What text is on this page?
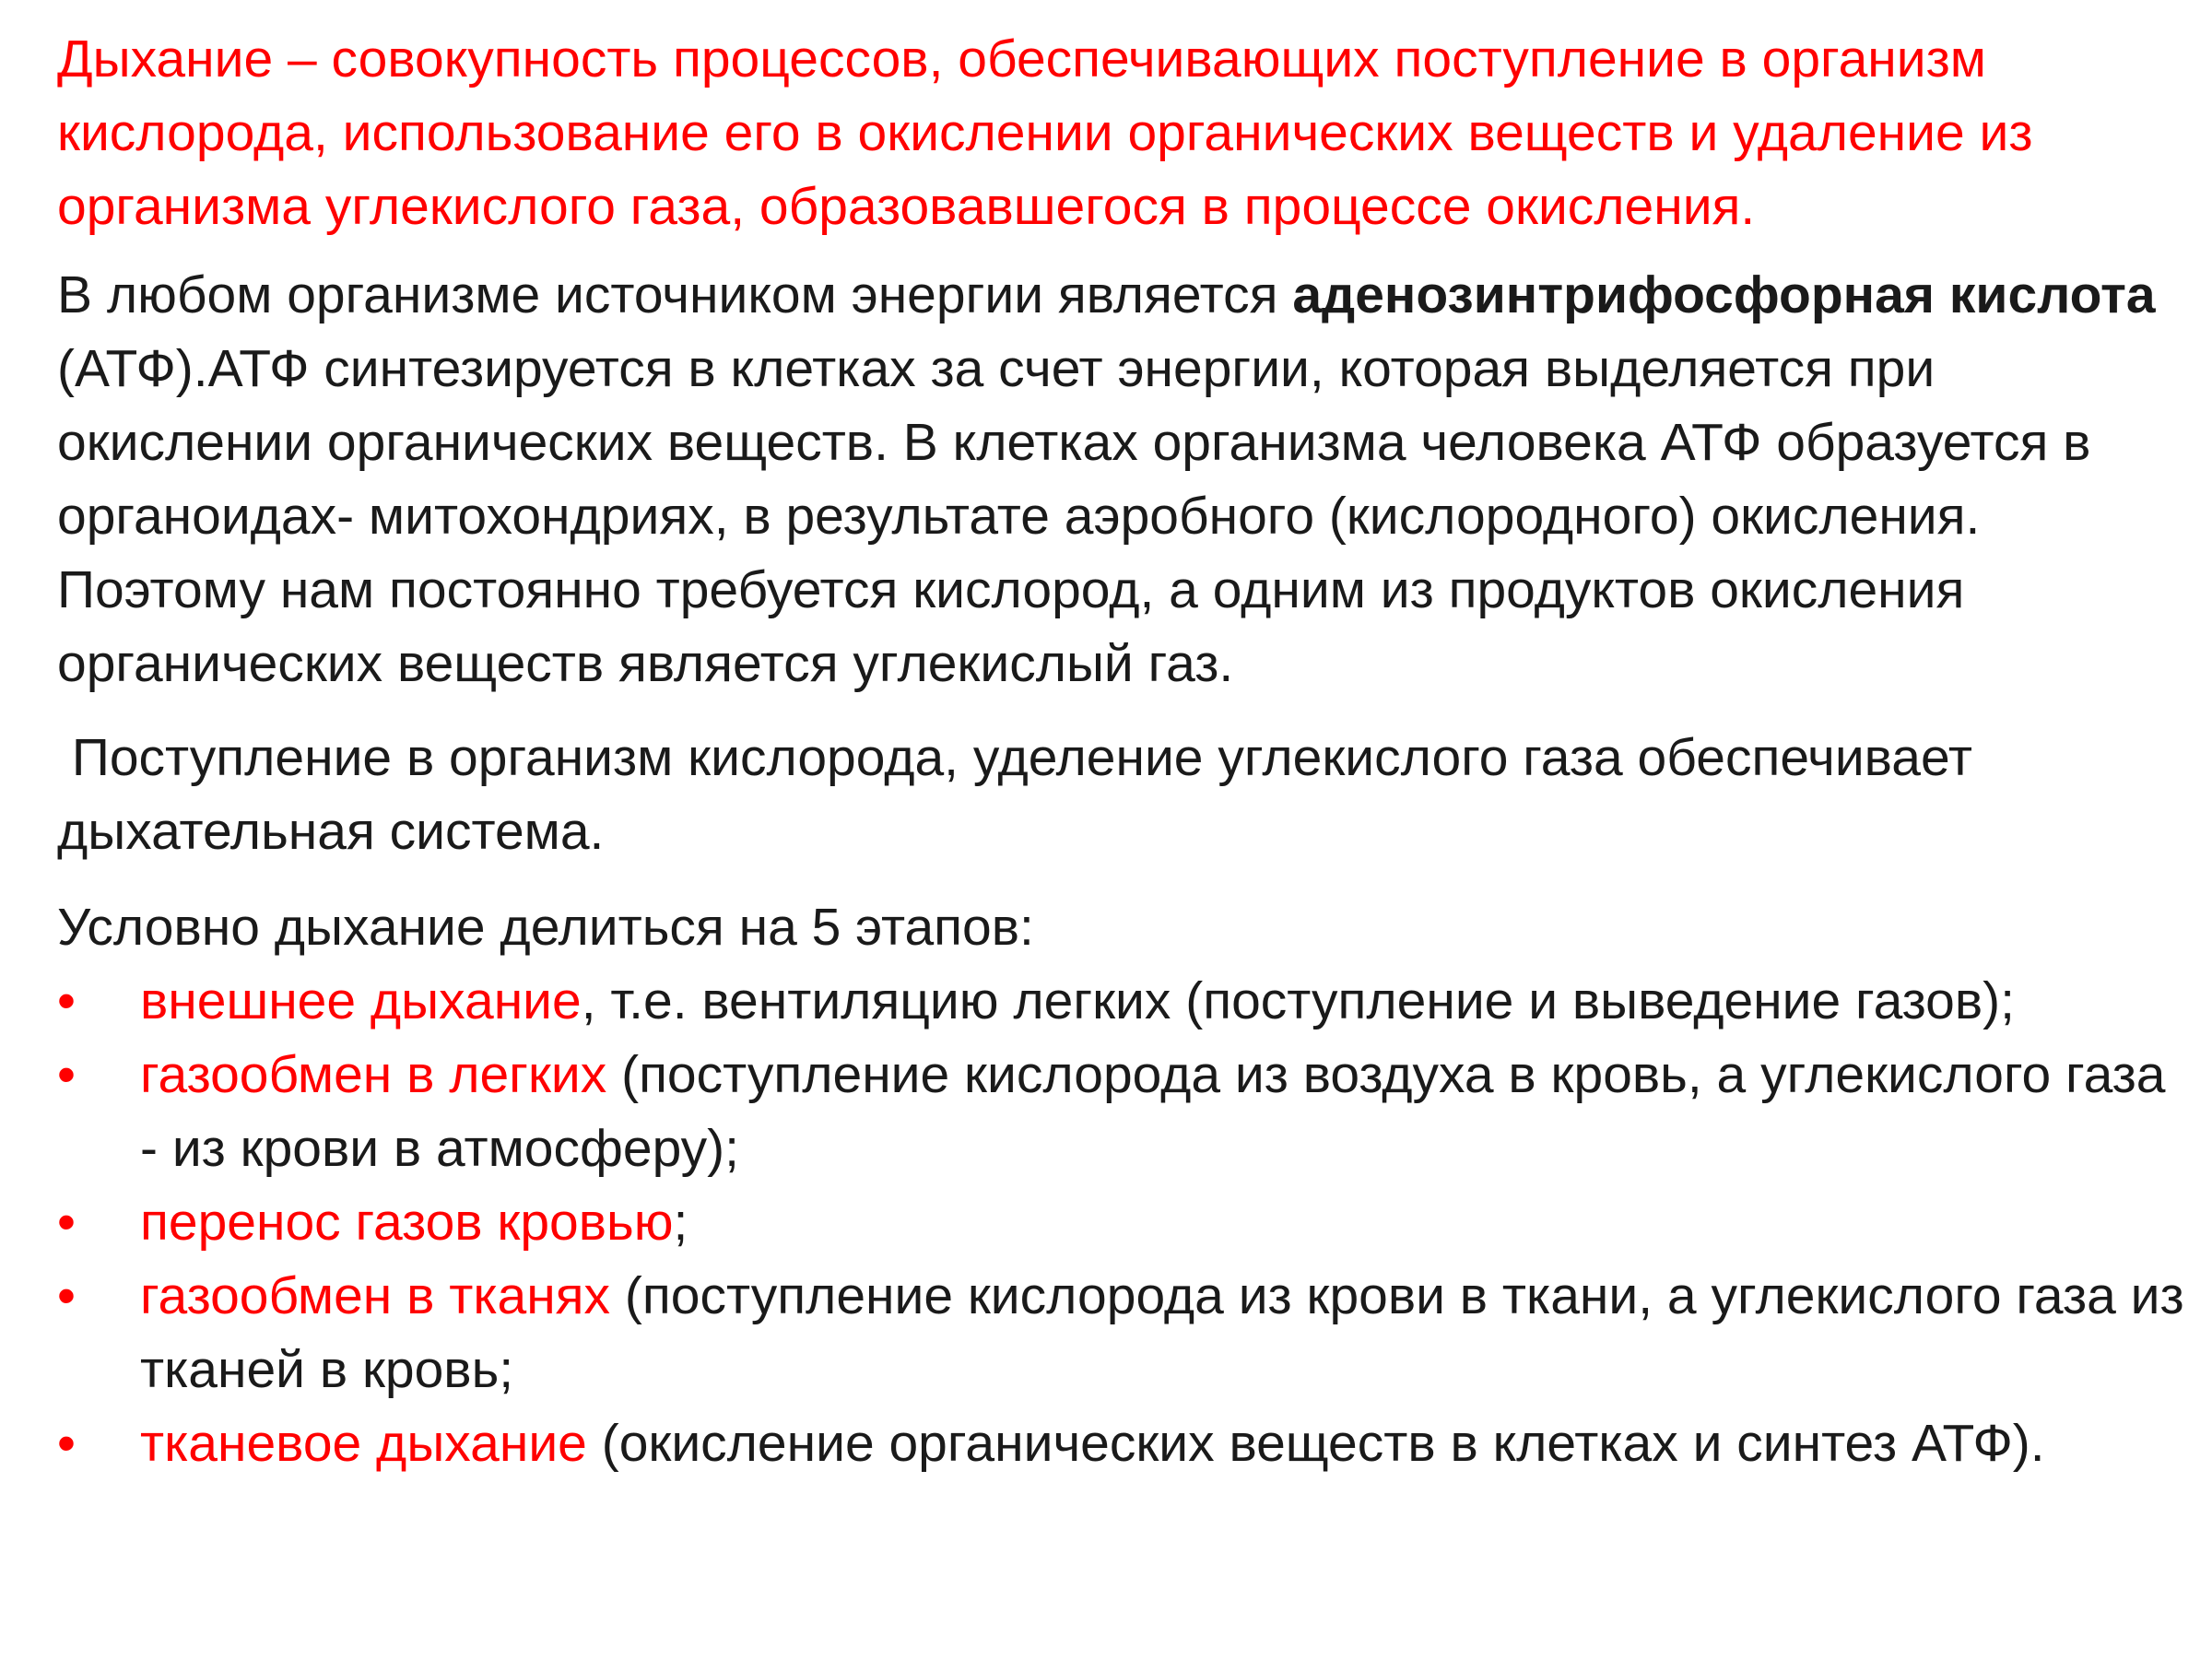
Дыхание – совокупность процессов, обеспечивающих поступление в организм кислорода, использование его в окислении органических веществ и удаление из организма углекислого газа, образовавшегося в процессе окисления.

В любом организме источником энергии является аденозинтрифосфорная кислота (АТФ).АТФ синтезируется в клетках за счет энергии, которая выделяется при окислении органических веществ. В клетках организма человека АТФ образуется в органоидах- митохондриях, в результате аэробного (кислородного) окисления. Поэтому нам постоянно требуется кислород, а одним из продуктов окисления органических веществ является углекислый газ.

Поступление в организм кислорода, уделение углекислого газа обеспечивает дыхательная система.

Условно дыхание делиться на 5 этапов:

•	внешнее дыхание, т.е. вентиляцию легких (поступление и выведение газов);
•	газообмен в легких (поступление кислорода из воздуха в кровь, а углекислого газа  - из крови в атмосферу);
•	перенос газов кровью;
•	газообмен в тканях (поступление кислорода из крови в ткани, а углекислого газа из тканей в кровь;
•	тканевое дыхание (окисление органических веществ в клетках и синтез АТФ).
